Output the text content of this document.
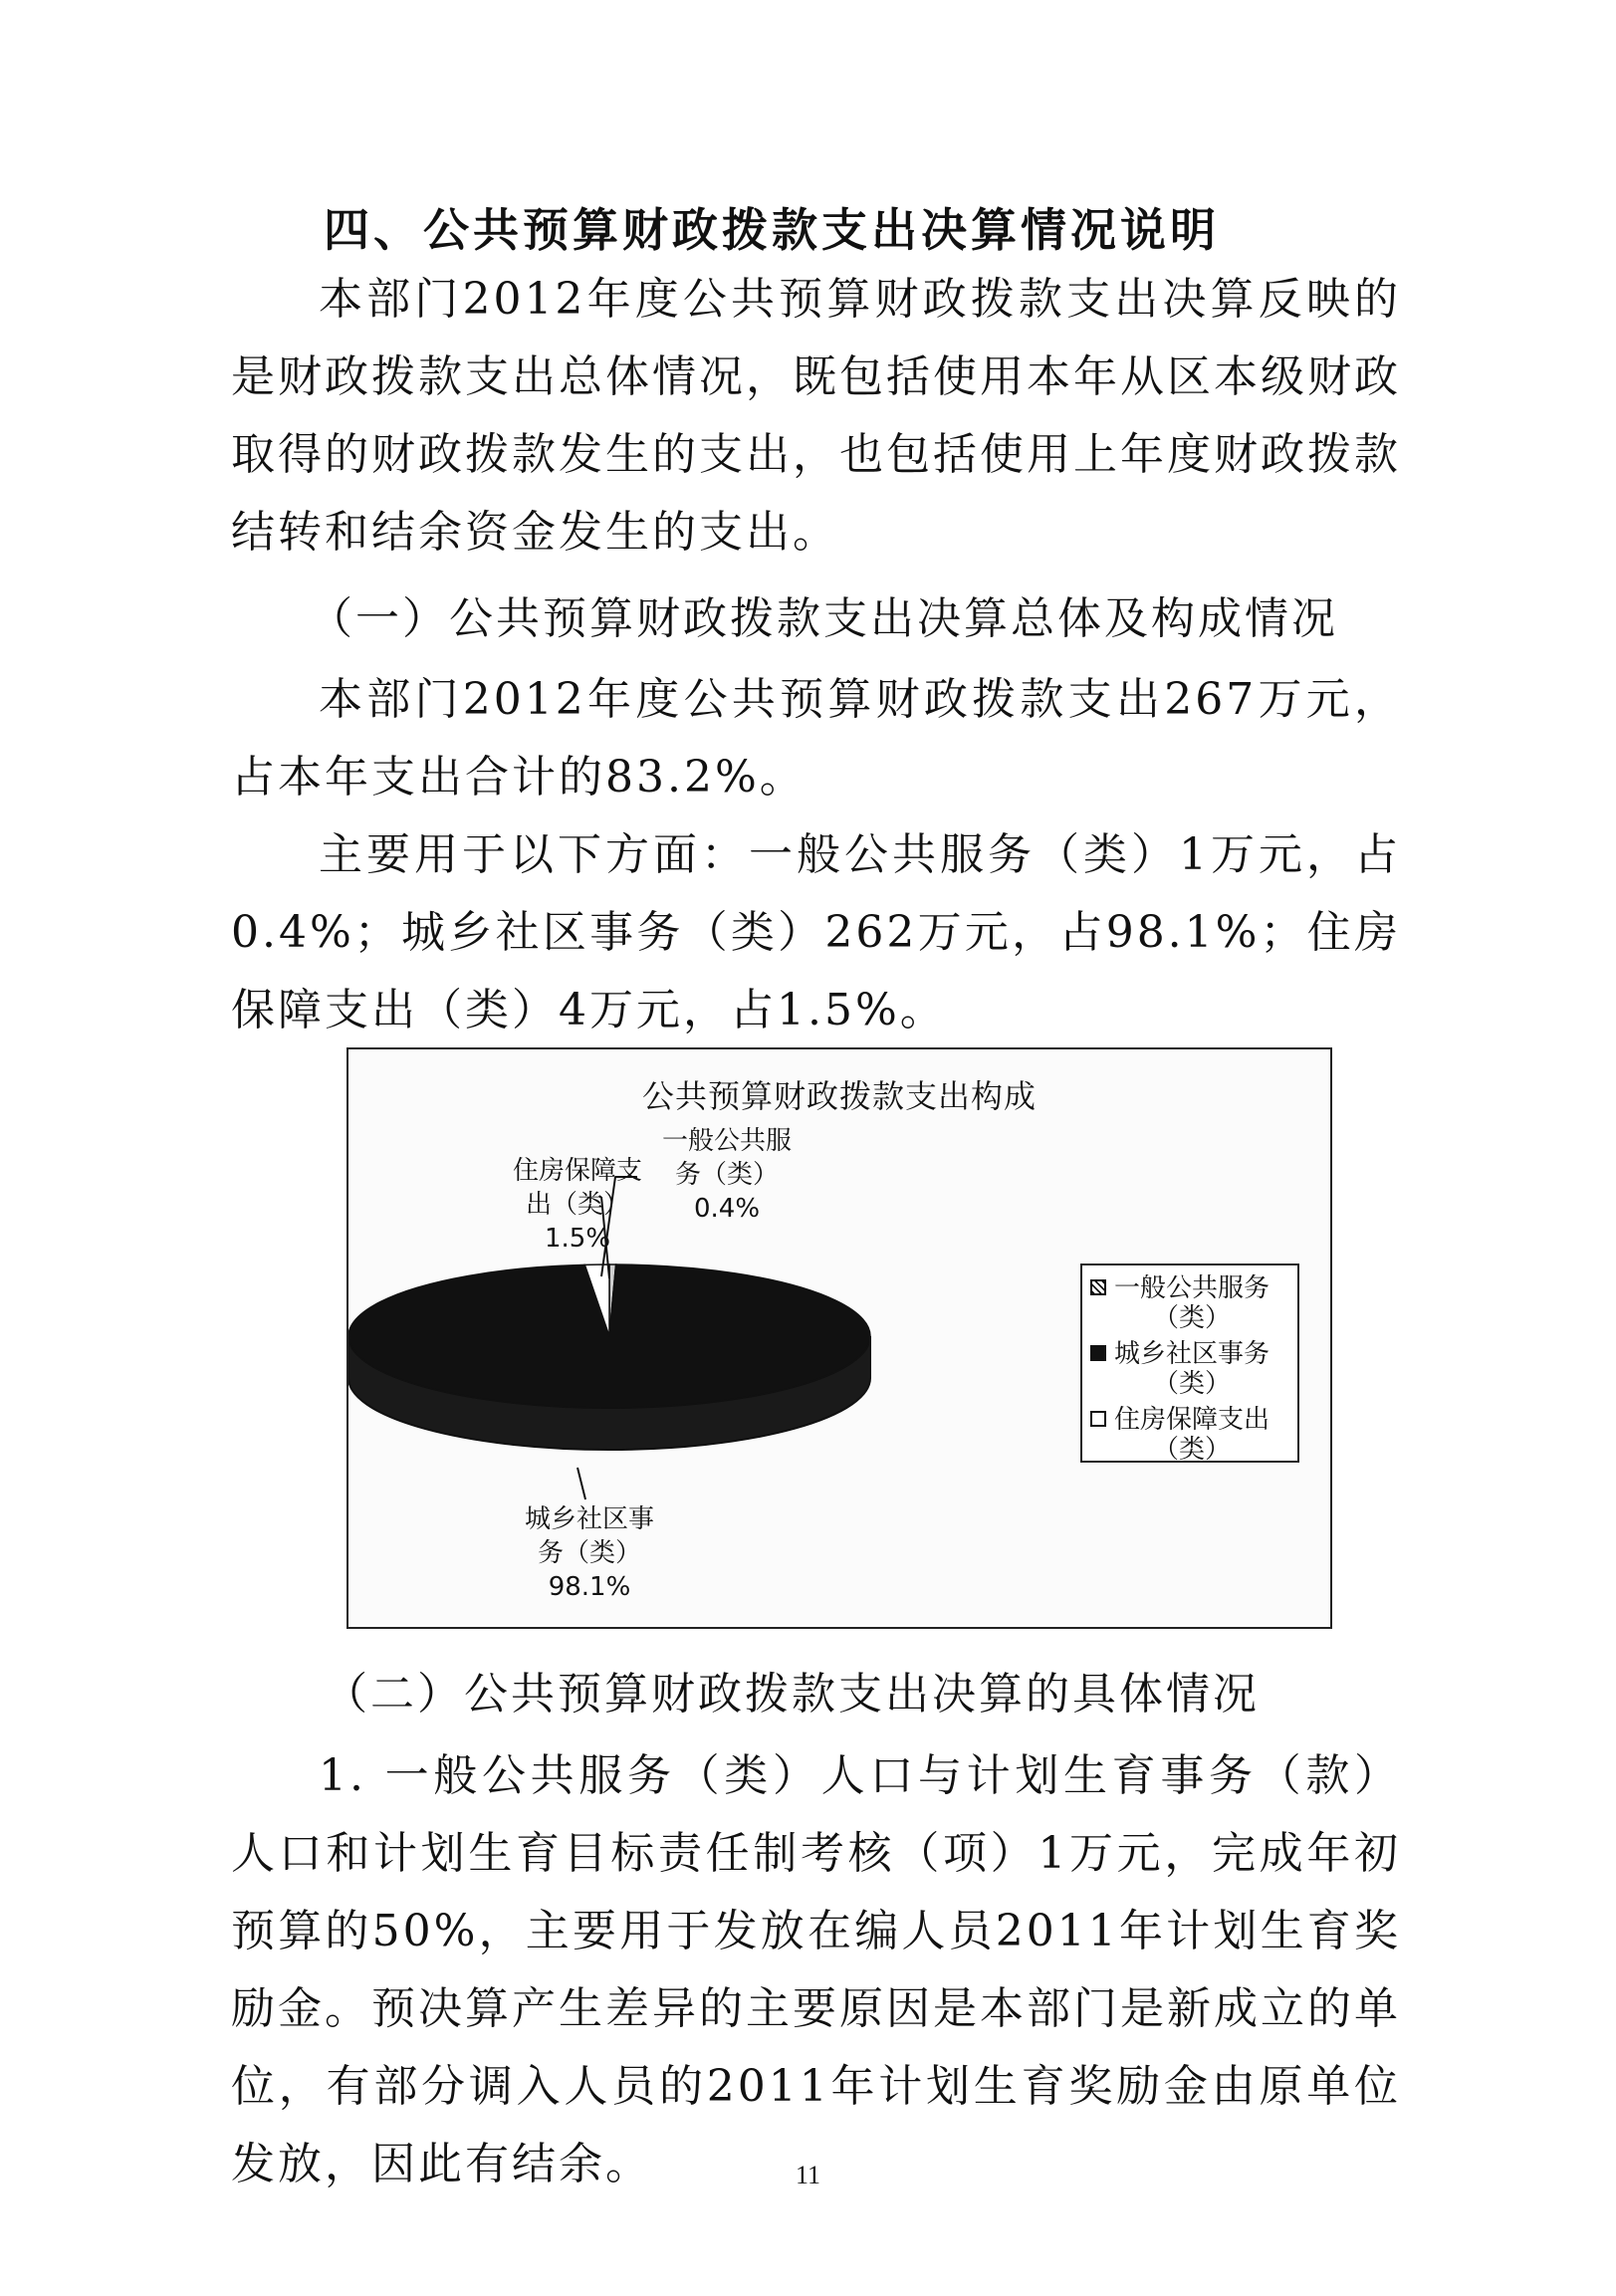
四、公共预算财政拨款支出决算情况说明

本部门2012年度公共预算财政拨款支出决算反映的是财政拨款支出总体情况，既包括使用本年从区本级财政取得的财政拨款发生的支出，也包括使用上年度财政拨款结转和结余资金发生的支出。

（一）公共预算财政拨款支出决算总体及构成情况

本部门2012年度公共预算财政拨款支出267万元，占本年支出合计的83.2%。

主要用于以下方面：一般公共服务（类）1万元，占0.4%；城乡社区事务（类）262万元，占98.1%；住房保障支出（类）4万元，占1.5%。

公共预算财政拨款支出构成
住房保障支
出（类）
1.5%
一般公共服
务（类）
0.4%
城乡社区事
务（类）
98.1%
一般公共服务
（类）
城乡社区事务
（类）
住房保障支出
（类）
（二）公共预算财政拨款支出决算的具体情况

1. 一般公共服务（类）人口与计划生育事务（款）人口和计划生育目标责任制考核（项）1万元，完成年初预算的50%，主要用于发放在编人员2011年计划生育奖励金。预决算产生差异的主要原因是本部门是新成立的单位，有部分调入人员的2011年计划生育奖励金由原单位发放，因此有结余。	11
